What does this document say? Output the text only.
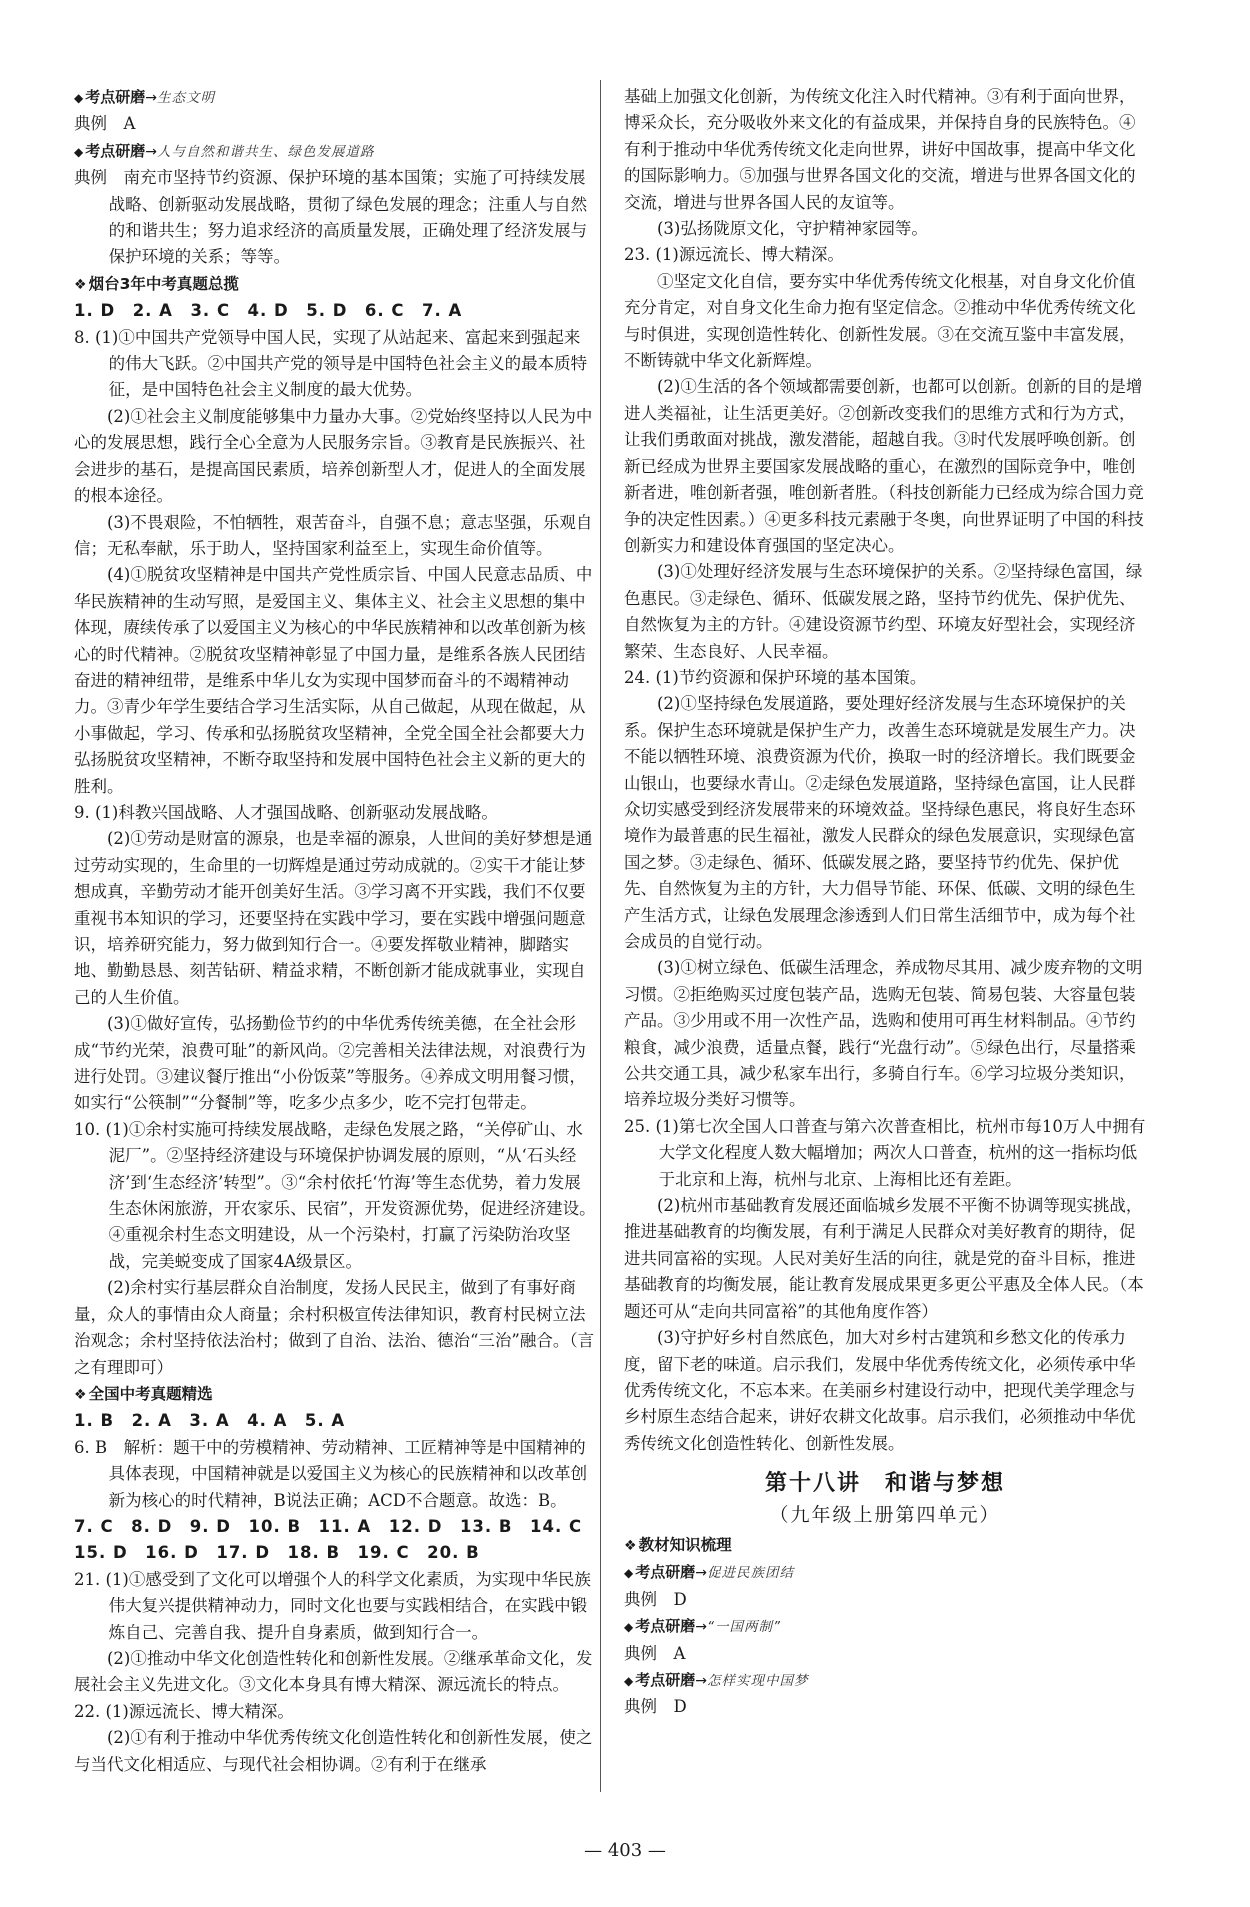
◆ 考点研磨→生态文明
典例　A
◆ 考点研磨→人与自然和谐共生、绿色发展道路
典例　南充市坚持节约资源、保护环境的基本国策；实施了可持续发展战略、创新驱动发展战略，贯彻了绿色发展的理念；注重人与自然的和谐共生；努力追求经济的高质量发展，正确处理了经济发展与保护环境的关系；等等。
❖ 烟台3年中考真题总揽
1. D　2. A　3. C　4. D　5. D　6. C　7. A
8. (1)①中国共产党领导中国人民，实现了从站起来、富起来到强起来的伟大飞跃。②中国共产党的领导是中国特色社会主义的最本质特征，是中国特色社会主义制度的最大优势。
(2)①社会主义制度能够集中力量办大事。②党始终坚持以人民为中心的发展思想，践行全心全意为人民服务宗旨。③教育是民族振兴、社会进步的基石，是提高国民素质，培养创新型人才，促进人的全面发展的根本途径。
(3)不畏艰险，不怕牺牲，艰苦奋斗，自强不息；意志坚强，乐观自信；无私奉献，乐于助人，坚持国家利益至上，实现生命价值等。
(4)①脱贫攻坚精神是中国共产党性质宗旨、中国人民意志品质、中华民族精神的生动写照，是爱国主义、集体主义、社会主义思想的集中体现，赓续传承了以爱国主义为核心的中华民族精神和以改革创新为核心的时代精神。②脱贫攻坚精神彰显了中国力量，是维系各族人民团结奋进的精神纽带，是维系中华儿女为实现中国梦而奋斗的不竭精神动力。③青少年学生要结合学习生活实际，从自己做起，从现在做起，从小事做起，学习、传承和弘扬脱贫攻坚精神，全党全国全社会都要大力弘扬脱贫攻坚精神，不断夺取坚持和发展中国特色社会主义新的更大的胜利。
9. (1)科教兴国战略、人才强国战略、创新驱动发展战略。
(2)①劳动是财富的源泉，也是幸福的源泉，人世间的美好梦想是通过劳动实现的，生命里的一切辉煌是通过劳动成就的。②实干才能让梦想成真，辛勤劳动才能开创美好生活。③学习离不开实践，我们不仅要重视书本知识的学习，还要坚持在实践中学习，要在实践中增强问题意识，培养研究能力，努力做到知行合一。④要发挥敬业精神，脚踏实地、勤勤恳恳、刻苦钻研、精益求精，不断创新才能成就事业，实现自己的人生价值。
(3)①做好宣传，弘扬勤俭节约的中华优秀传统美德，在全社会形成“节约光荣，浪费可耻”的新风尚。②完善相关法律法规，对浪费行为进行处罚。③建议餐厅推出“小份饭菜”等服务。④养成文明用餐习惯，如实行“公筷制”“分餐制”等，吃多少点多少，吃不完打包带走。
10. (1)①余村实施可持续发展战略，走绿色发展之路，“关停矿山、水泥厂”。②坚持经济建设与环境保护协调发展的原则，“从‘石头经济’到‘生态经济’转型”。③“余村依托‘竹海’等生态优势，着力发展生态休闲旅游，开农家乐、民宿”，开发资源优势，促进经济建设。④重视余村生态文明建设，从一个污染村，打赢了污染防治攻坚战，完美蜕变成了国家4A级景区。
(2)余村实行基层群众自治制度，发扬人民民主，做到了有事好商量，众人的事情由众人商量；余村积极宣传法律知识，教育村民树立法治观念；余村坚持依法治村；做到了自治、法治、德治“三治”融合。（言之有理即可）
❖ 全国中考真题精选
1. B　2. A　3. A　4. A　5. A
6. B　解析：题干中的劳模精神、劳动精神、工匠精神等是中国精神的具体表现，中国精神就是以爱国主义为核心的民族精神和以改革创新为核心的时代精神，B说法正确；ACD不合题意。故选：B。
7. C　8. D　9. D　10. B　11. A　12. D　13. B　14. C
15. D　16. D　17. D　18. B　19. C　20. B
21. (1)①感受到了文化可以增强个人的科学文化素质，为实现中华民族伟大复兴提供精神动力，同时文化也要与实践相结合，在实践中锻炼自己、完善自我、提升自身素质，做到知行合一。
(2)①推动中华文化创造性转化和创新性发展。②继承革命文化，发展社会主义先进文化。③文化本身具有博大精深、源远流长的特点。
22. (1)源远流长、博大精深。
(2)①有利于推动中华优秀传统文化创造性转化和创新性发展，使之与当代文化相适应、与现代社会相协调。②有利于在继承
基础上加强文化创新，为传统文化注入时代精神。③有利于面向世界，博采众长，充分吸收外来文化的有益成果，并保持自身的民族特色。④有利于推动中华优秀传统文化走向世界，讲好中国故事，提高中华文化的国际影响力。⑤加强与世界各国文化的交流，增进与世界各国文化的交流，增进与世界各国人民的友谊等。
(3)弘扬陇原文化，守护精神家园等。
23. (1)源远流长、博大精深。
①坚定文化自信，要夯实中华优秀传统文化根基，对自身文化价值充分肯定，对自身文化生命力抱有坚定信念。②推动中华优秀传统文化与时俱进，实现创造性转化、创新性发展。③在交流互鉴中丰富发展，不断铸就中华文化新辉煌。
(2)①生活的各个领域都需要创新，也都可以创新。创新的目的是增进人类福祉，让生活更美好。②创新改变我们的思维方式和行为方式，让我们勇敢面对挑战，激发潜能，超越自我。③时代发展呼唤创新。创新已经成为世界主要国家发展战略的重心，在激烈的国际竞争中，唯创新者进，唯创新者强，唯创新者胜。（科技创新能力已经成为综合国力竞争的决定性因素。）④更多科技元素融于冬奥，向世界证明了中国的科技创新实力和建设体育强国的坚定决心。
(3)①处理好经济发展与生态环境保护的关系。②坚持绿色富国，绿色惠民。③走绿色、循环、低碳发展之路，坚持节约优先、保护优先、自然恢复为主的方针。④建设资源节约型、环境友好型社会，实现经济繁荣、生态良好、人民幸福。
24. (1)节约资源和保护环境的基本国策。
(2)①坚持绿色发展道路，要处理好经济发展与生态环境保护的关系。保护生态环境就是保护生产力，改善生态环境就是发展生产力。决不能以牺牲环境、浪费资源为代价，换取一时的经济增长。我们既要金山银山，也要绿水青山。②走绿色发展道路，坚持绿色富国，让人民群众切实感受到经济发展带来的环境效益。坚持绿色惠民，将良好生态环境作为最普惠的民生福祉，激发人民群众的绿色发展意识，实现绿色富国之梦。③走绿色、循环、低碳发展之路，要坚持节约优先、保护优先、自然恢复为主的方针，大力倡导节能、环保、低碳、文明的绿色生产生活方式，让绿色发展理念渗透到人们日常生活细节中，成为每个社会成员的自觉行动。
(3)①树立绿色、低碳生活理念，养成物尽其用、减少废弃物的文明习惯。②拒绝购买过度包装产品，选购无包装、简易包装、大容量包装产品。③少用或不用一次性产品，选购和使用可再生材料制品。④节约粮食，减少浪费，适量点餐，践行“光盘行动”。⑤绿色出行，尽量搭乘公共交通工具，减少私家车出行，多骑自行车。⑥学习垃圾分类知识，培养垃圾分类好习惯等。
25. (1)第七次全国人口普查与第六次普查相比，杭州市每10万人中拥有大学文化程度人数大幅增加；两次人口普查，杭州的这一指标均低于北京和上海，杭州与北京、上海相比还有差距。
(2)杭州市基础教育发展还面临城乡发展不平衡不协调等现实挑战，推进基础教育的均衡发展，有利于满足人民群众对美好教育的期待，促进共同富裕的实现。人民对美好生活的向往，就是党的奋斗目标，推进基础教育的均衡发展，能让教育发展成果更多更公平惠及全体人民。（本题还可从“走向共同富裕”的其他角度作答）
(3)守护好乡村自然底色，加大对乡村古建筑和乡愁文化的传承力度，留下老的味道。启示我们，发展中华优秀传统文化，必须传承中华优秀传统文化，不忘本来。在美丽乡村建设行动中，把现代美学理念与乡村原生态结合起来，讲好农耕文化故事。启示我们，必须推动中华优秀传统文化创造性转化、创新性发展。
第十八讲　和谐与梦想
（九年级上册第四单元）
❖ 教材知识梳理
◆ 考点研磨→促进民族团结
典例　D
◆ 考点研磨→“一国两制”
典例　A
◆ 考点研磨→怎样实现中国梦
典例　D
— 403 —
